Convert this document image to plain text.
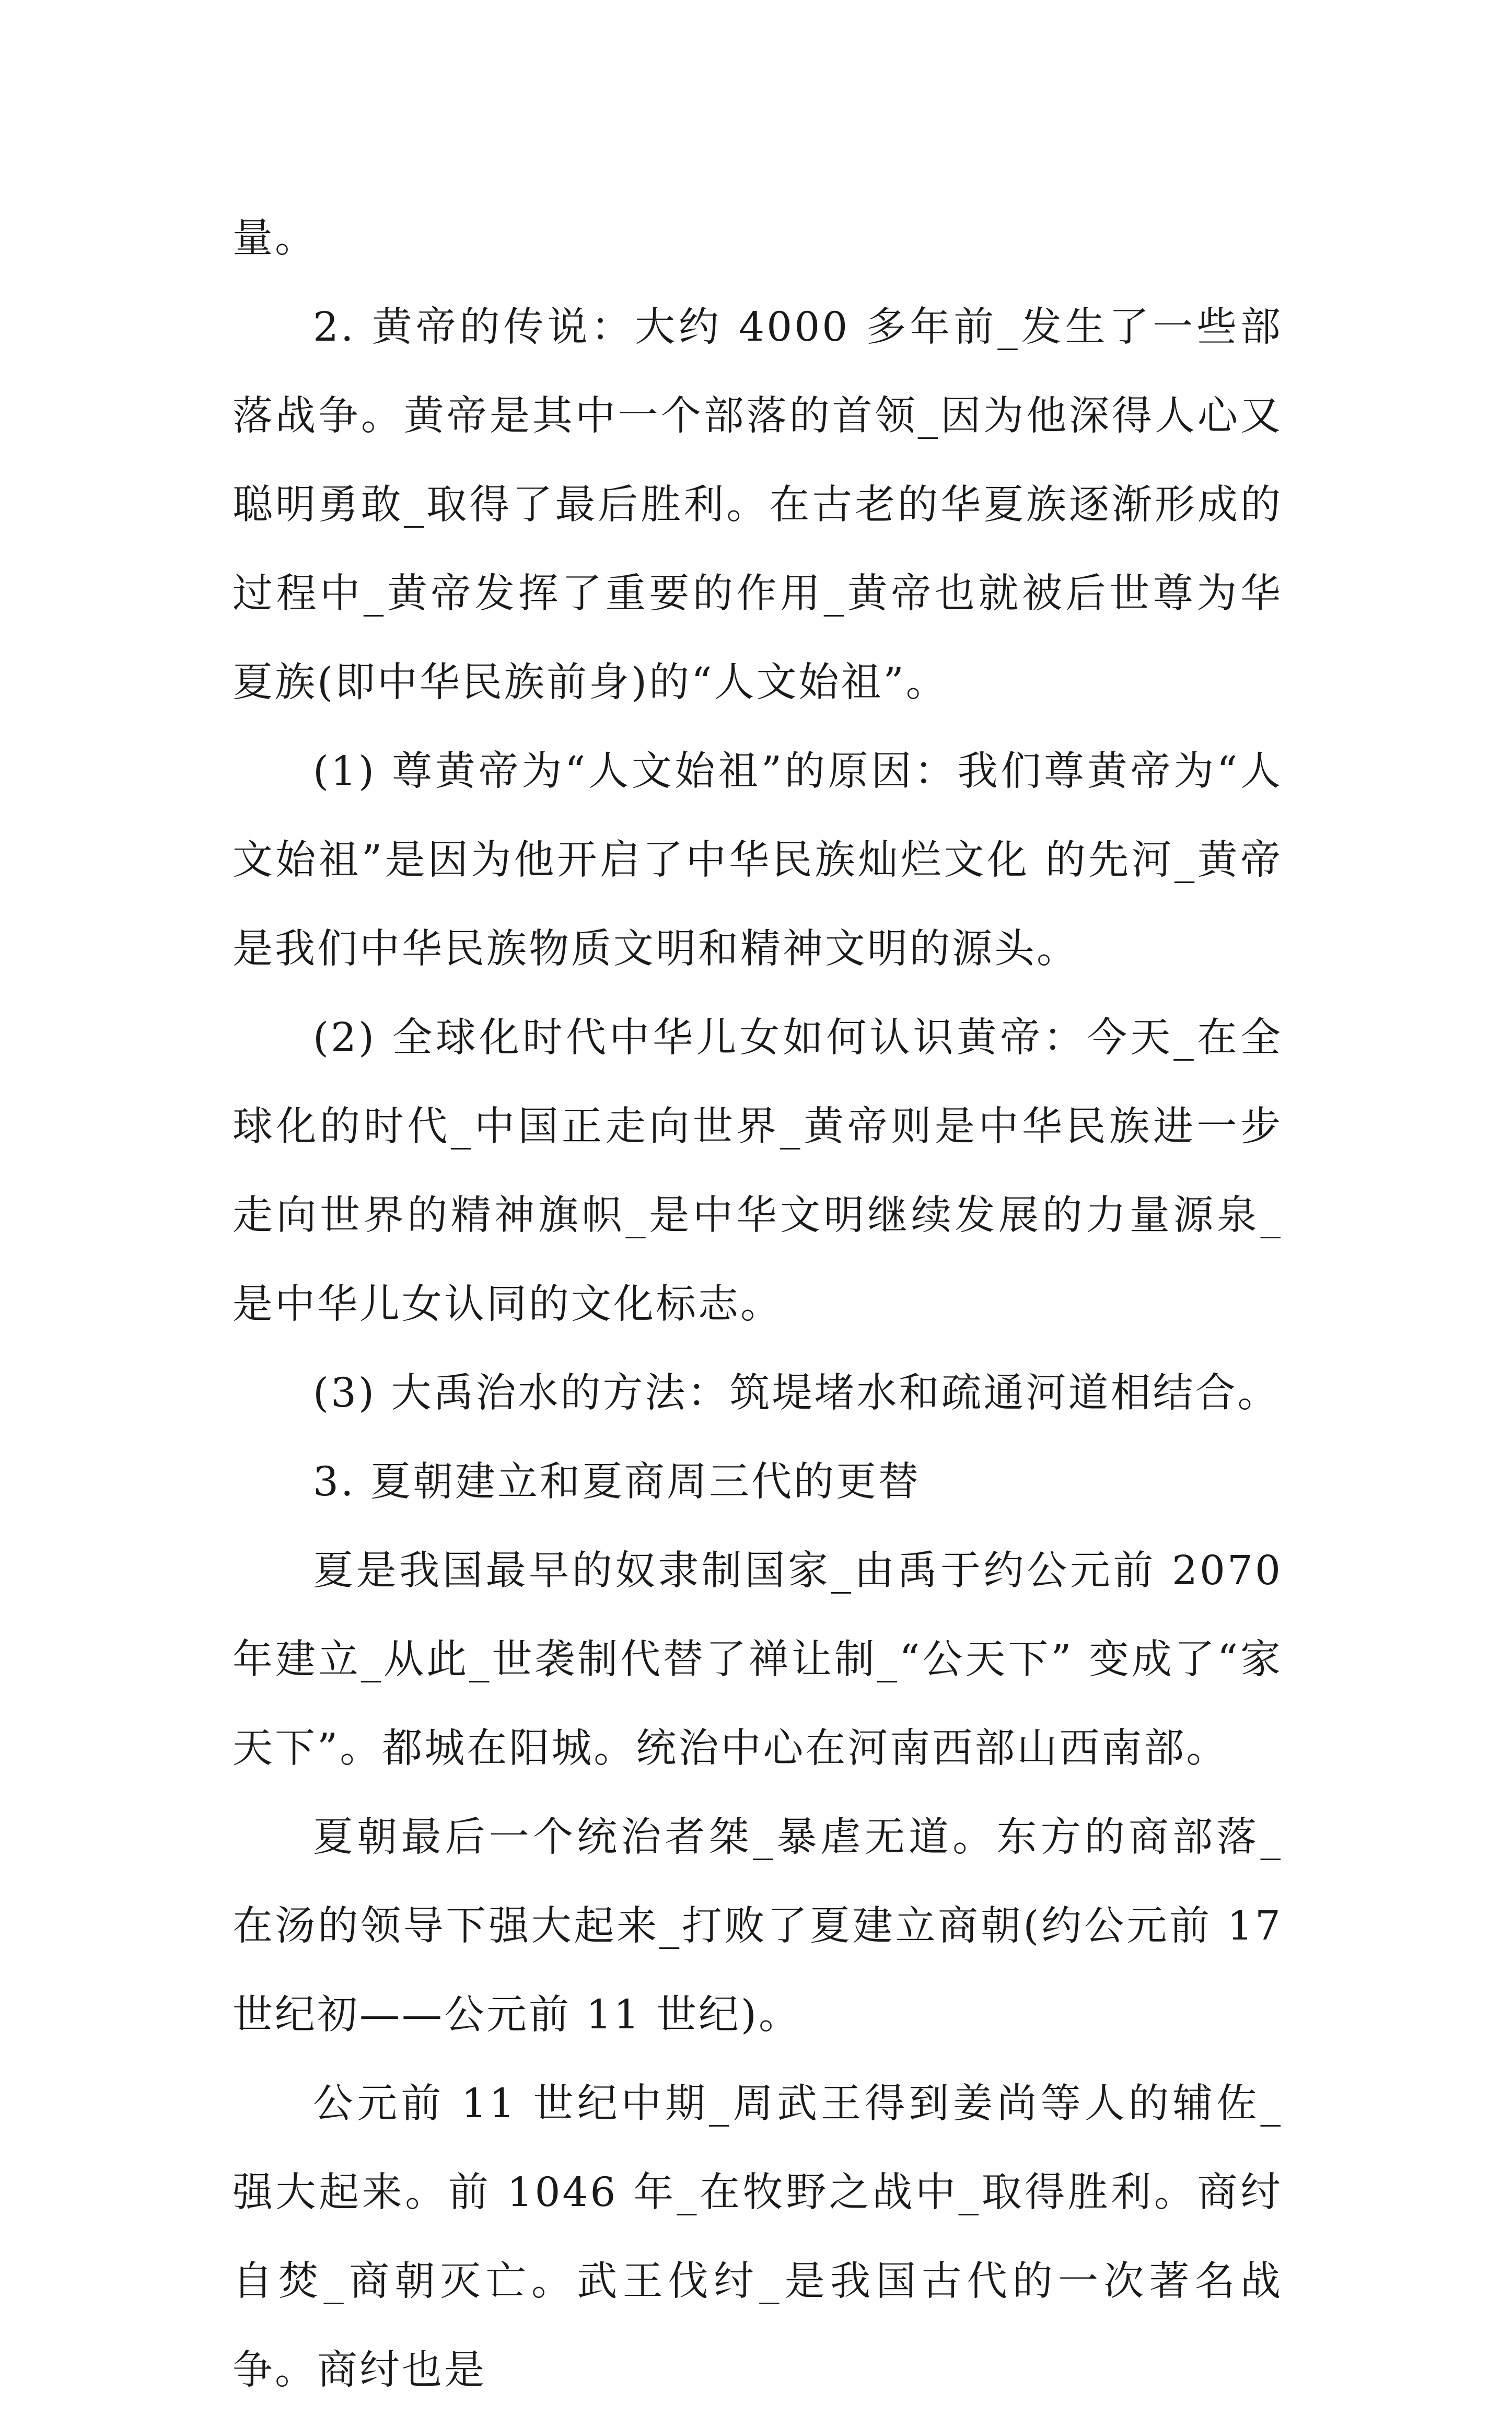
量。

2. 黄帝的传说：大约 4000 多年前_发生了一些部落战争。黄帝是其中一个部落的首领_因为他深得人心又聪明勇敢_取得了最后胜利。在古老的华夏族逐渐形成的过程中_黄帝发挥了重要的作用_黄帝也就被后世尊为华夏族(即中华民族前身)的“人文始祖”。

(1) 尊黄帝为“人文始祖”的原因：我们尊黄帝为“人文始祖”是因为他开启了中华民族灿烂文化 的先河_黄帝是我们中华民族物质文明和精神文明的源头。

(2) 全球化时代中华儿女如何认识黄帝：今天_在全球化的时代_中国正走向世界_黄帝则是中华民族进一步走向世界的精神旗帜_是中华文明继续发展的力量源泉_是中华儿女认同的文化标志。

(3) 大禹治水的方法：筑堤堵水和疏通河道相结合。

3. 夏朝建立和夏商周三代的更替

夏是我国最早的奴隶制国家_由禹于约公元前 2070 年建立_从此_世袭制代替了禅让制_“公天下” 变成了“家天下”。都城在阳城。统治中心在河南西部山西南部。

夏朝最后一个统治者桀_暴虐无道。东方的商部落_在汤的领导下强大起来_打败了夏建立商朝(约公元前 17 世纪初——公元前 11 世纪)。

公元前 11 世纪中期_周武王得到姜尚等人的辅佐_强大起来。前 1046 年_在牧野之战中_取得胜利。商纣自焚_商朝灭亡。武王伐纣_是我国古代的一次著名战争。商纣也是
